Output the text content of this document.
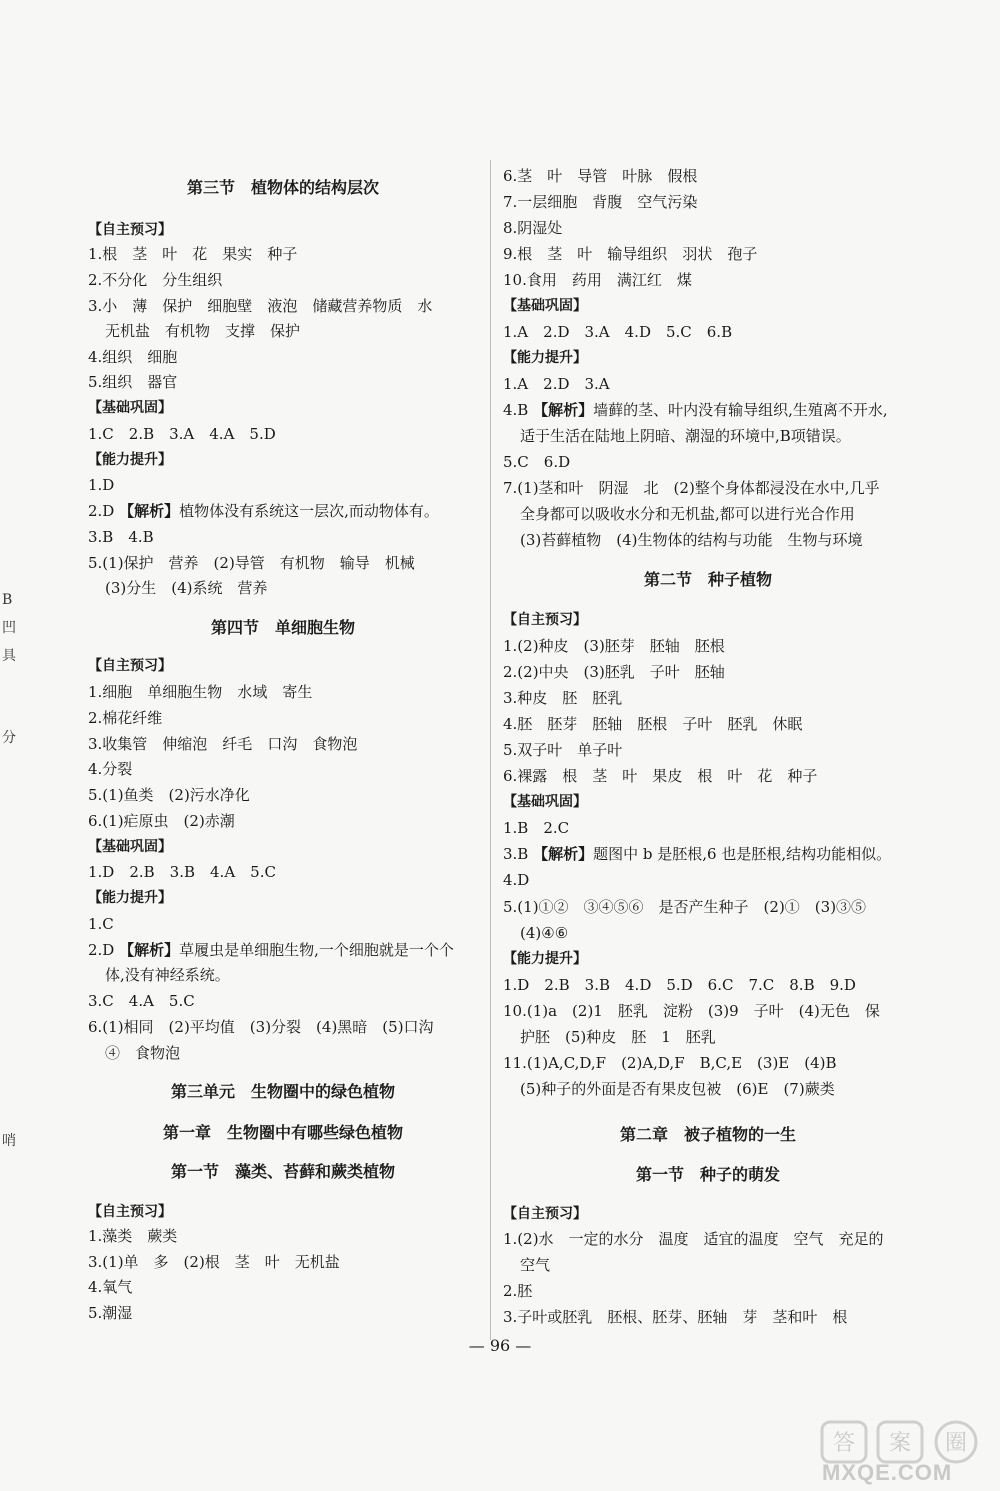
第三节　植物体的结构层次
【自主预习】
1.根　茎　叶　花　果实　种子
2.不分化　分生组织
3.小　薄　保护　细胞壁　液泡　储藏营养物质　水
无机盐　有机物　支撑　保护
4.组织　细胞
5.组织　器官
【基础巩固】
1.C　2.B　3.A　4.A　5.D
【能力提升】
1.D
2.D 【解析】植物体没有系统这一层次,而动物体有。
3.B　4.B
5.(1)保护　营养　(2)导管　有机物　输导　机械
(3)分生　(4)系统　营养
第四节　单细胞生物
【自主预习】
1.细胞　单细胞生物　水域　寄生
2.棉花纤维
3.收集管　伸缩泡　纤毛　口沟　食物泡
4.分裂
5.(1)鱼类　(2)污水净化
6.(1)疟原虫　(2)赤潮
【基础巩固】
1.D　2.B　3.B　4.A　5.C
【能力提升】
1.C
2.D 【解析】草履虫是单细胞生物,一个细胞就是一个个
体,没有神经系统。
3.C　4.A　5.C
6.(1)相同　(2)平均值　(3)分裂　(4)黑暗　(5)口沟
④　食物泡
第三单元　生物圈中的绿色植物
第一章　生物圈中有哪些绿色植物
第一节　藻类、苔藓和蕨类植物
【自主预习】
1.藻类　蕨类
3.(1)单　多　(2)根　茎　叶　无机盐
4.氧气
5.潮湿
6.茎　叶　导管　叶脉　假根
7.一层细胞　背腹　空气污染
8.阴湿处
9.根　茎　叶　输导组织　羽状　孢子
10.食用　药用　满江红　煤
【基础巩固】
1.A　2.D　3.A　4.D　5.C　6.B
【能力提升】
1.A　2.D　3.A
4.B 【解析】墙藓的茎、叶内没有输导组织,生殖离不开水,
适于生活在陆地上阴暗、潮湿的环境中,B项错误。
5.C　6.D
7.(1)茎和叶　阴湿　北　(2)整个身体都浸没在水中,几乎
全身都可以吸收水分和无机盐,都可以进行光合作用
(3)苔藓植物　(4)生物体的结构与功能　生物与环境
第二节　种子植物
【自主预习】
1.(2)种皮　(3)胚芽　胚轴　胚根
2.(2)中央　(3)胚乳　子叶　胚轴
3.种皮　胚　胚乳
4.胚　胚芽　胚轴　胚根　子叶　胚乳　休眠
5.双子叶　单子叶
6.裸露　根　茎　叶　果皮　根　叶　花　种子
【基础巩固】
1.B　2.C
3.B 【解析】题图中 b 是胚根,6 也是胚根,结构功能相似。
4.D
5.(1)①②　③④⑤⑥　是否产生种子　(2)①　(3)③⑤
(4)④⑥
【能力提升】
1.D　2.B　3.B　4.D　5.D　6.C　7.C　8.B　9.D
10.(1)a　(2)1　胚乳　淀粉　(3)9　子叶　(4)无色　保
护胚　(5)种皮　胚　1　胚乳
11.(1)A,C,D,F　(2)A,D,F　B,C,E　(3)E　(4)B
(5)种子的外面是否有果皮包被　(6)E　(7)蕨类
第二章　被子植物的一生
第一节　种子的萌发
【自主预习】
1.(2)水　一定的水分　温度　适宜的温度　空气　充足的
空气
2.胚
3.子叶或胚乳　胚根、胚芽、胚轴　芽　茎和叶　根
B
凹
具
分
哨
— 96 —
答 案 圈
MXQE.COM
